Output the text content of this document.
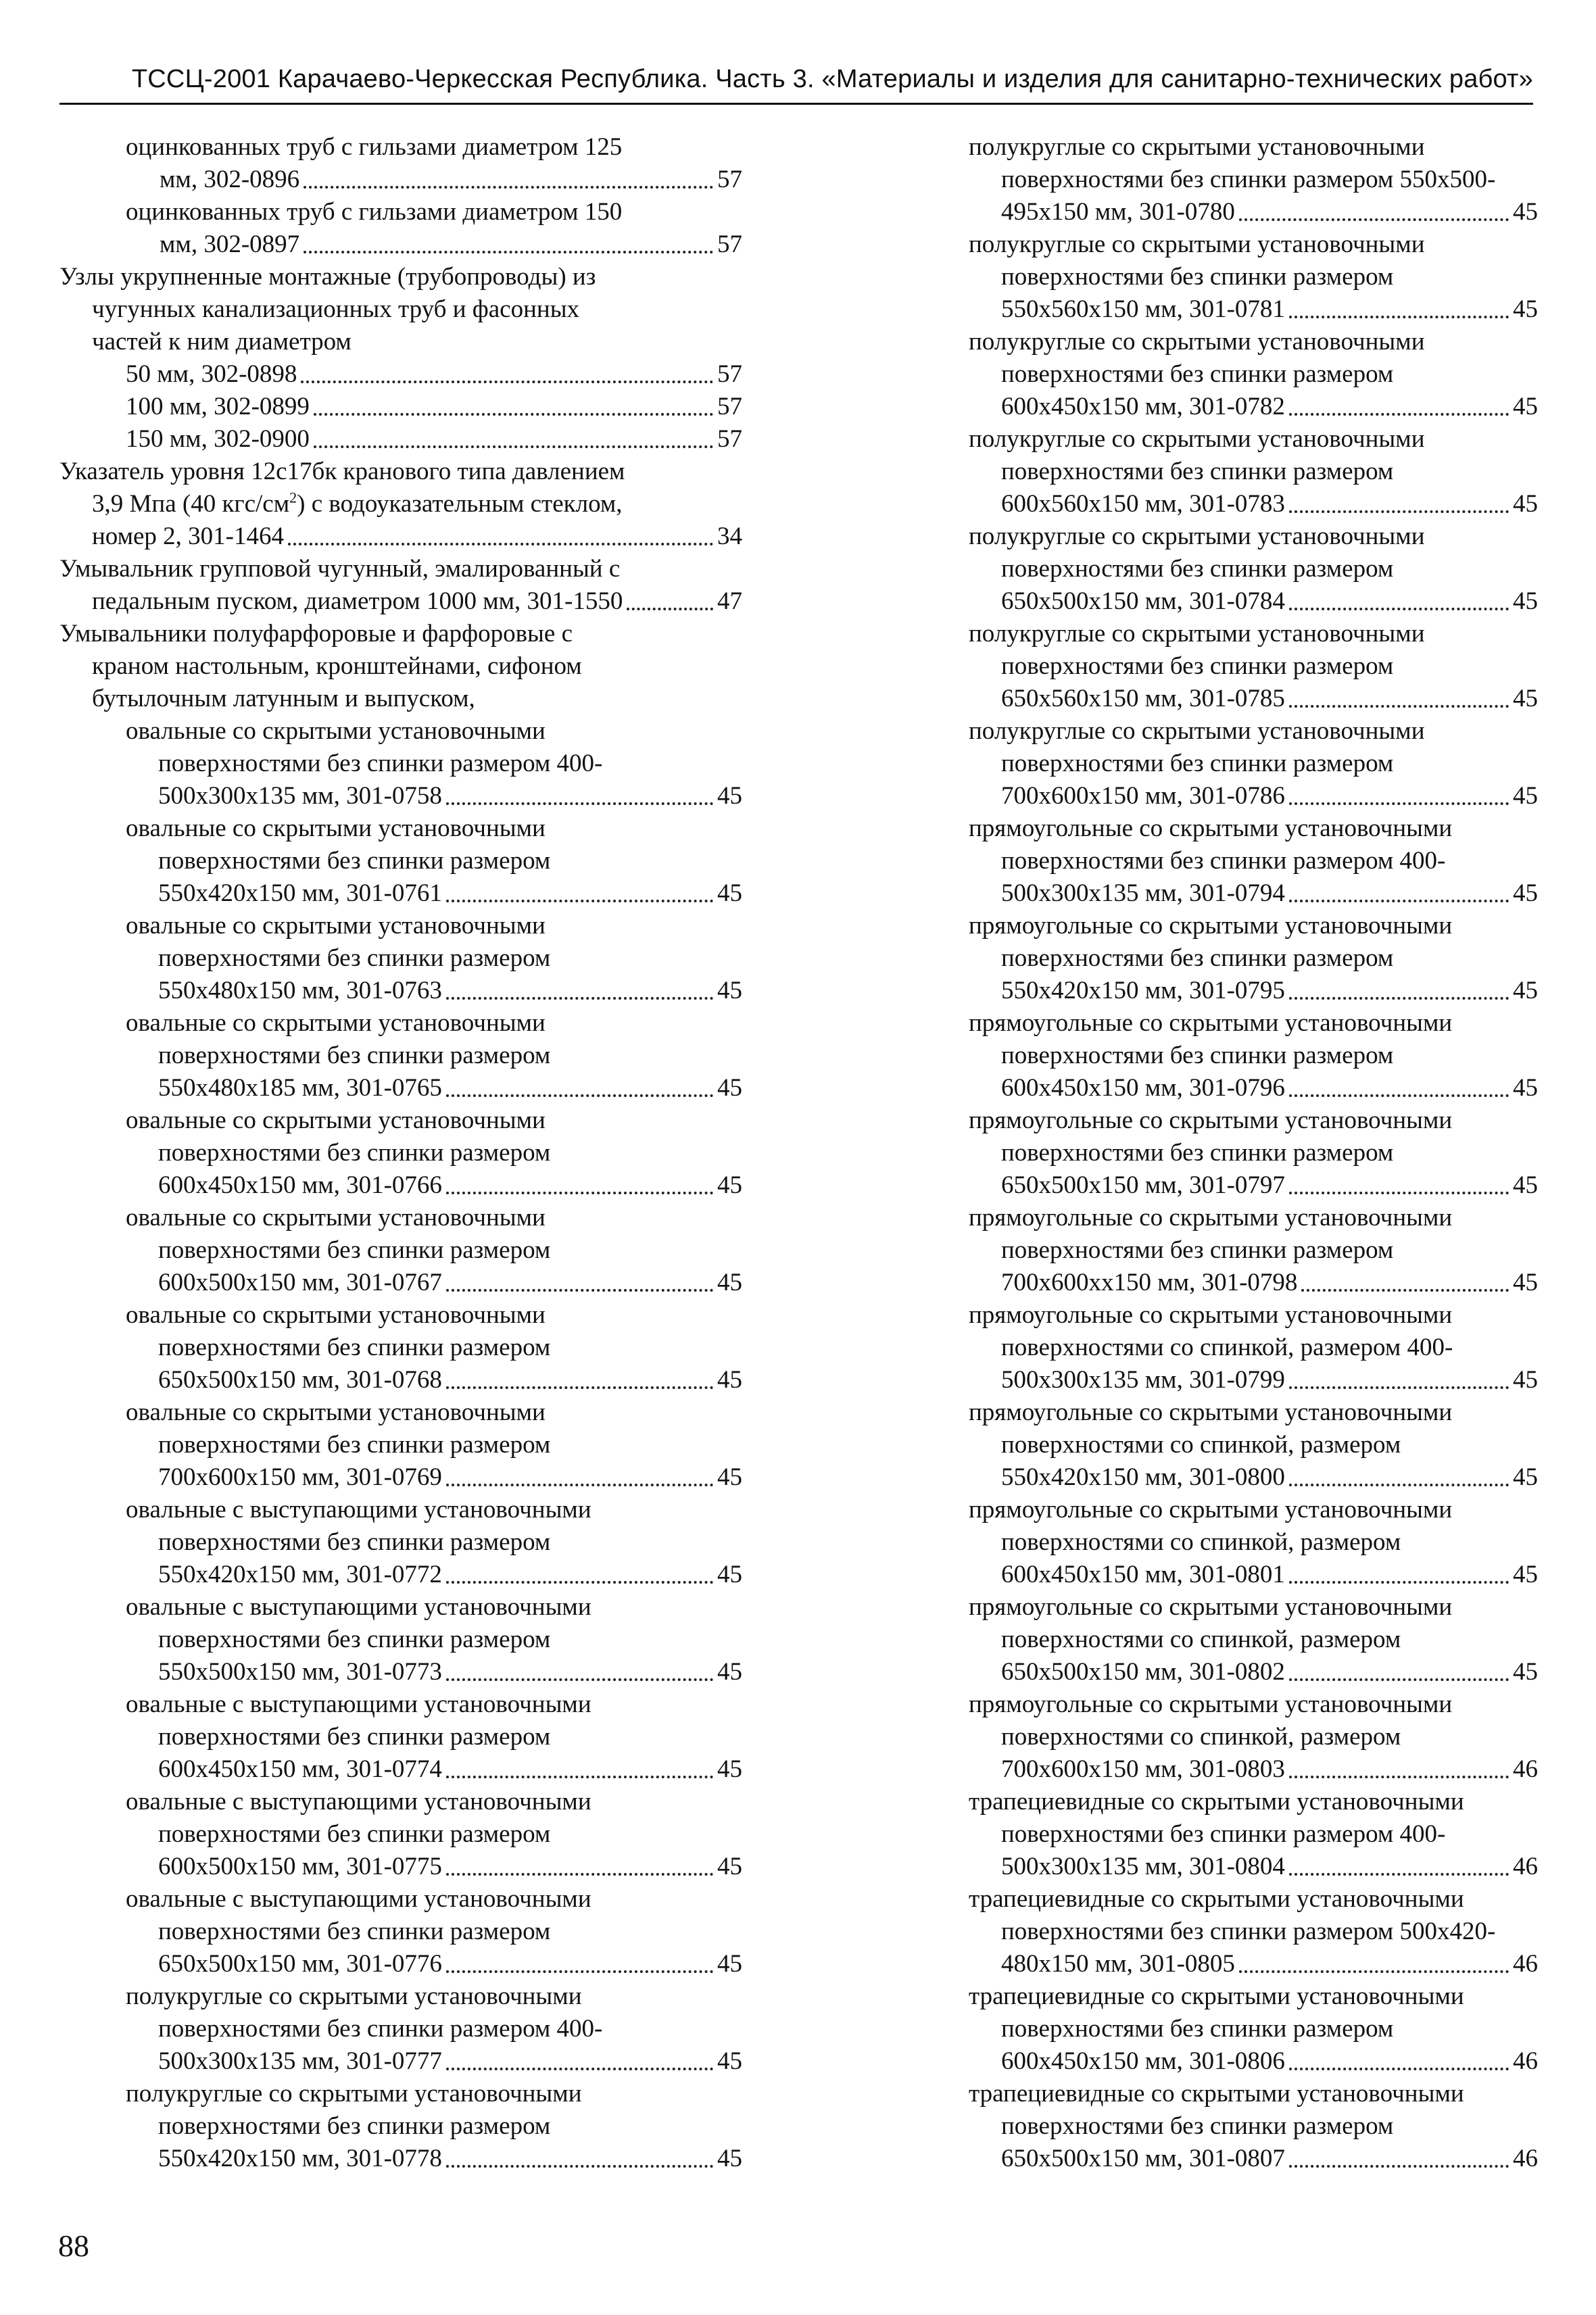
ТССЦ-2001 Карачаево-Черкесская Республика. Часть 3. «Материалы и изделия для санитарно-технических работ»
оцинкованных труб с гильзами диаметром 125
мм, 302-0896	57
оцинкованных труб с гильзами диаметром 150
мм, 302-0897	57
Узлы укрупненные монтажные (трубопроводы) из
чугунных канализационных труб и фасонных
частей к ним диаметром
50 мм, 302-0898	57
100 мм, 302-0899	57
150 мм, 302-0900	57
Указатель уровня 12с17бк кранового типа давлением
3,9 Мпа (40 кгс/$см^2$) с водоуказательным стеклом,
номер 2, 301-1464	34
Умывальник групповой чугунный, эмалированный с
педальным пуском, диаметром 1000 мм, 301-1550	47
Умывальники полуфарфоровые и фарфоровые с
краном настольным, кронштейнами, сифоном
бутылочным латунным и выпуском,
овальные со скрытыми установочными
поверхностями без спинки размером 400-
500x300x135 мм, 301-0758	45
овальные со скрытыми установочными
поверхностями без спинки размером
550x420x150 мм, 301-0761	45
овальные со скрытыми установочными
поверхностями без спинки размером
550x480x150 мм, 301-0763	45
овальные со скрытыми установочными
поверхностями без спинки размером
550x480x185 мм, 301-0765	45
овальные со скрытыми установочными
поверхностями без спинки размером
600x450x150 мм, 301-0766	45
овальные со скрытыми установочными
поверхностями без спинки размером
600x500x150 мм, 301-0767	45
овальные со скрытыми установочными
поверхностями без спинки размером
650x500x150 мм, 301-0768	45
овальные со скрытыми установочными
поверхностями без спинки размером
700x600x150 мм, 301-0769	45
овальные с выступающими установочными
поверхностями без спинки размером
550x420x150 мм, 301-0772	45
овальные с выступающими установочными
поверхностями без спинки размером
550x500x150 мм, 301-0773	45
овальные с выступающими установочными
поверхностями без спинки размером
600x450x150 мм, 301-0774	45
овальные с выступающими установочными
поверхностями без спинки размером
600x500x150 мм, 301-0775	45
овальные с выступающими установочными
поверхностями без спинки размером
650x500x150 мм, 301-0776	45
полукруглые со скрытыми установочными
поверхностями без спинки размером 400-
500x300x135 мм, 301-0777	45
полукруглые со скрытыми установочными
поверхностями без спинки размером
550x420x150 мм, 301-0778	45
полукруглые со скрытыми установочными
поверхностями без спинки размером 550x500-
495x150 мм, 301-0780	45
полукруглые со скрытыми установочными
поверхностями без спинки размером
550x560x150 мм, 301-0781	45
полукруглые со скрытыми установочными
поверхностями без спинки размером
600x450x150 мм, 301-0782	45
полукруглые со скрытыми установочными
поверхностями без спинки размером
600x560x150 мм, 301-0783	45
полукруглые со скрытыми установочными
поверхностями без спинки размером
650x500x150 мм, 301-0784	45
полукруглые со скрытыми установочными
поверхностями без спинки размером
650x560x150 мм, 301-0785	45
полукруглые со скрытыми установочными
поверхностями без спинки размером
700x600x150 мм, 301-0786	45
прямоугольные со скрытыми установочными
поверхностями без спинки размером 400-
500x300x135 мм, 301-0794	45
прямоугольные со скрытыми установочными
поверхностями без спинки размером
550x420x150 мм, 301-0795	45
прямоугольные со скрытыми установочными
поверхностями без спинки размером
600x450x150 мм, 301-0796	45
прямоугольные со скрытыми установочными
поверхностями без спинки размером
650x500x150 мм, 301-0797	45
прямоугольные со скрытыми установочными
поверхностями без спинки размером
700x600xx150 мм, 301-0798	45
прямоугольные со скрытыми установочными
поверхностями со спинкой, размером 400-
500x300x135 мм, 301-0799	45
прямоугольные со скрытыми установочными
поверхностями со спинкой, размером
550x420x150 мм, 301-0800	45
прямоугольные со скрытыми установочными
поверхностями со спинкой, размером
600x450x150 мм, 301-0801	45
прямоугольные со скрытыми установочными
поверхностями со спинкой, размером
650x500x150 мм, 301-0802	45
прямоугольные со скрытыми установочными
поверхностями со спинкой, размером
700x600x150 мм, 301-0803	46
трапециевидные со скрытыми установочными
поверхностями без спинки размером 400-
500x300x135 мм, 301-0804	46
трапециевидные со скрытыми установочными
поверхностями без спинки размером 500x420-
480x150 мм, 301-0805	46
трапециевидные со скрытыми установочными
поверхностями без спинки размером
600x450x150 мм, 301-0806	46
трапециевидные со скрытыми установочными
поверхностями без спинки размером
650x500x150 мм, 301-0807	46
88
